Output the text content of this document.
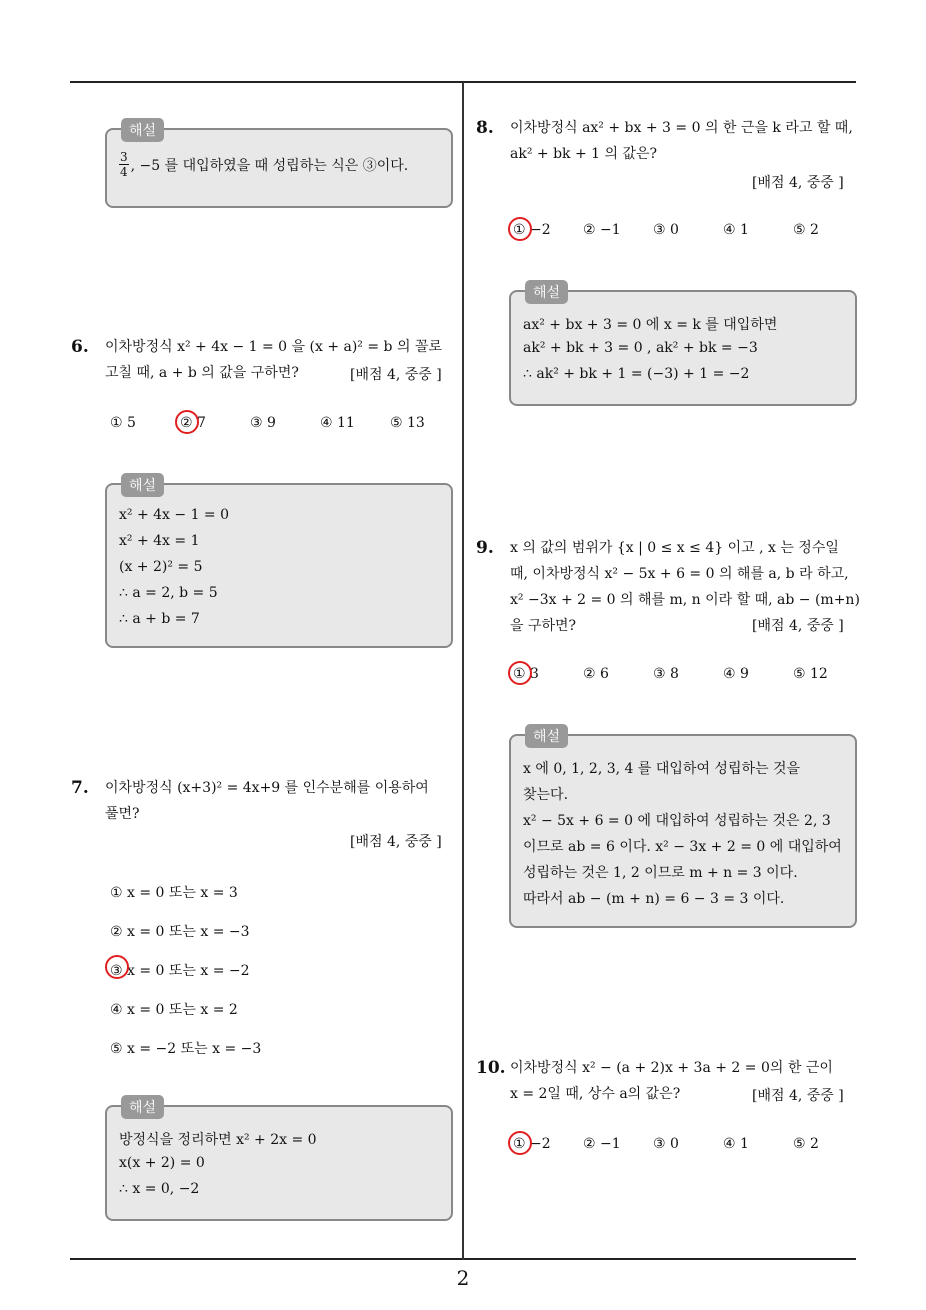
해설
$\frac{3}{4}$ , −5 를 대입하였을 때 성립하는 식은 ③이다.
6. 이차방정식 x² + 4x − 1 = 0 을 (x + a)² = b 의 꼴로
고칠 때, a + b 의 값을 구하면?	[배점 4, 중중 ]
① 5	② 7	③ 9	④ 11	⑤ 13
해설
x² + 4x − 1 = 0
x² + 4x = 1
(x + 2)² = 5
∴ a = 2, b = 5
∴ a + b = 7
7. 이차방정식 (x+3)² = 4x+9 를 인수분해를 이용하여
풀면?
[배점 4, 중중 ]
① x = 0 또는 x = 3
② x = 0 또는 x = −3
③ x = 0 또는 x = −2
④ x = 0 또는 x = 2
⑤ x = −2 또는 x = −3
해설
방정식을 정리하면 x² + 2x = 0
x(x + 2) = 0
∴ x = 0, −2
8. 이차방정식 ax² + bx + 3 = 0 의 한 근을 k 라고 할 때,
ak² + bk + 1 의 값은?
[배점 4, 중중 ]
① −2 ② −1 ③ 0	④ 1	⑤ 2
해설
ax² + bx + 3 = 0 에 x = k 를 대입하면
ak² + bk + 3 = 0 , ak² + bk = −3
∴ ak² + bk + 1 = (−3) + 1 = −2
9. x 의 값의 범위가 {x | 0 ≤ x ≤ 4} 이고 , x 는 정수일
때, 이차방정식 x² − 5x + 6 = 0 의 해를 a, b 라 하고,
x² −3x + 2 = 0 의 해를 m, n 이라 할 때, ab − (m+n)
을 구하면?	[배점 4, 중중 ]
① 3	② 6	③ 8	④ 9	⑤ 12
해설
x 에 0, 1, 2, 3, 4 를 대입하여 성립하는 것을
찾는다.
x² − 5x + 6 = 0 에 대입하여 성립하는 것은 2, 3
이므로 ab = 6 이다. x² − 3x + 2 = 0 에 대입하여
성립하는 것은 1, 2 이므로 m + n = 3 이다.
따라서 ab − (m + n) = 6 − 3 = 3 이다.
10. 이차방정식 x² − (a + 2)x + 3a + 2 = 0의 한 근이
x = 2일 때, 상수 a의 값은?	[배점 4, 중중 ]
① −2 ② −1 ③ 0	④ 1	⑤ 2
2
